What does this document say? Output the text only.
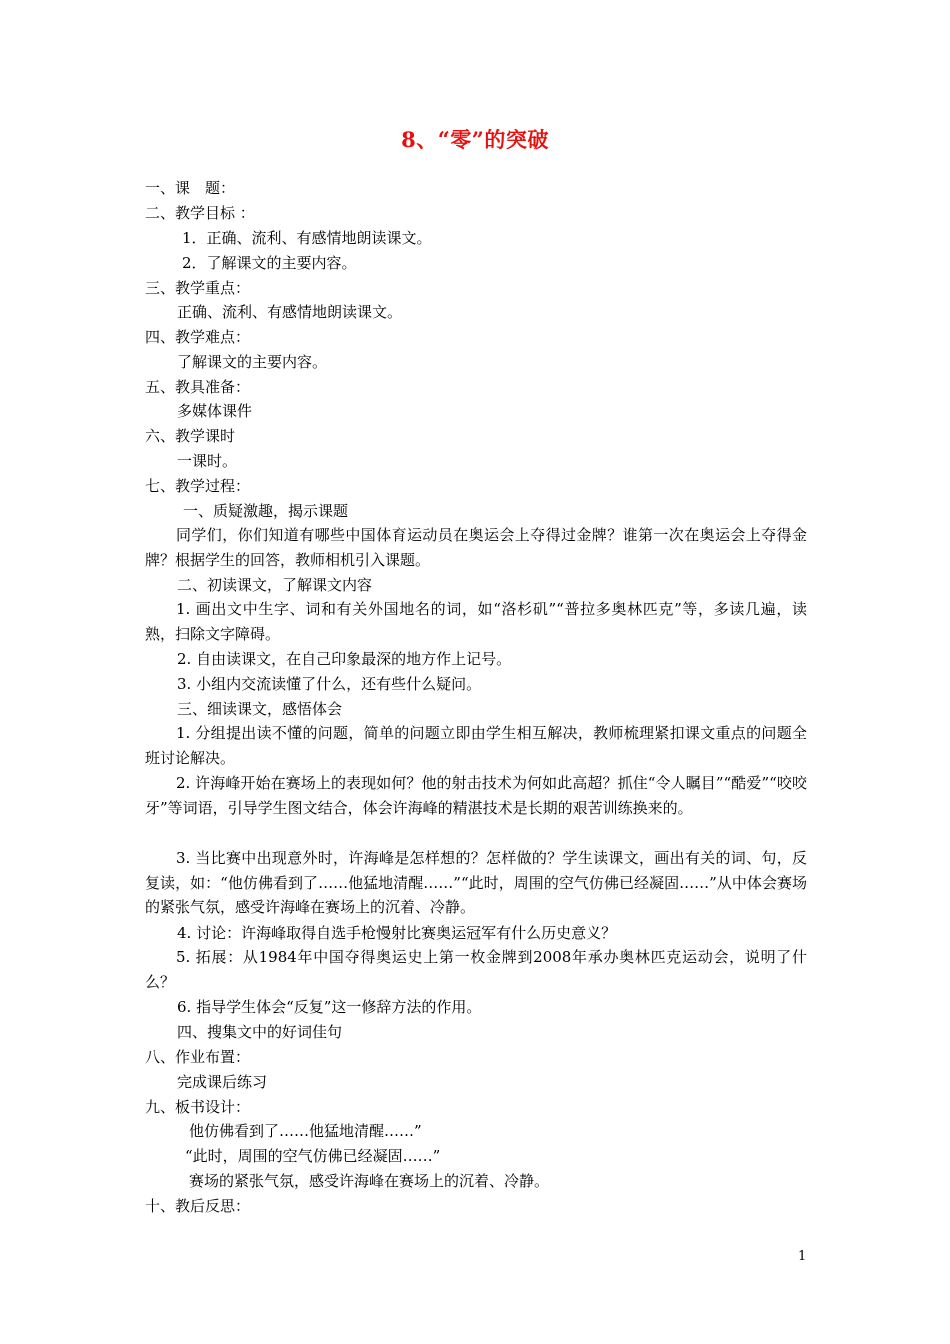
8、“零”的突破
一、课　题：
二、教学目标 ：
1．正确、流利、有感情地朗读课文。
2．了解课文的主要内容。
三、教学重点：
正确、流利、有感情地朗读课文。
四、教学难点：
了解课文的主要内容。
五、教具准备：
多媒体课件
六、教学课时
一课时。
七、教学过程：
一、质疑激趣，揭示课题
同学们，你们知道有哪些中国体育运动员在奥运会上夺得过金牌？谁第一次在奥运会上夺得金牌？根据学生的回答，教师相机引入课题。
二、初读课文，了解课文内容
1. 画出文中生字、词和有关外国地名的词，如“洛杉矶”“普拉多奥林匹克”等，多读几遍，读熟，扫除文字障碍。
2. 自由读课文，在自己印象最深的地方作上记号。
3. 小组内交流读懂了什么，还有些什么疑问。
三、细读课文，感悟体会
1. 分组提出读不懂的问题，简单的问题立即由学生相互解决，教师梳理紧扣课文重点的问题全班讨论解决。
2. 许海峰开始在赛场上的表现如何？他的射击技术为何如此高超？抓住“令人瞩目”“酷爱”“咬咬牙”等词语，引导学生图文结合，体会许海峰的精湛技术是长期的艰苦训练换来的。
3. 当比赛中出现意外时，许海峰是怎样想的？怎样做的？学生读课文，画出有关的词、句，反复读，如：“他仿佛看到了……他猛地清醒……”“此时，周围的空气仿佛已经凝固……”从中体会赛场的紧张气氛，感受许海峰在赛场上的沉着、冷静。
4. 讨论：许海峰取得自选手枪慢射比赛奥运冠军有什么历史意义？
5. 拓展：从1984年中国夺得奥运史上第一枚金牌到2008年承办奥林匹克运动会，说明了什么？
6. 指导学生体会“反复”这一修辞方法的作用。
四、搜集文中的好词佳句
八、作业布置：
完成课后练习
九、板书设计：
他仿佛看到了……他猛地清醒……”
“此时，周围的空气仿佛已经凝固……”
赛场的紧张气氛，感受许海峰在赛场上的沉着、冷静。
十、教后反思：
1
